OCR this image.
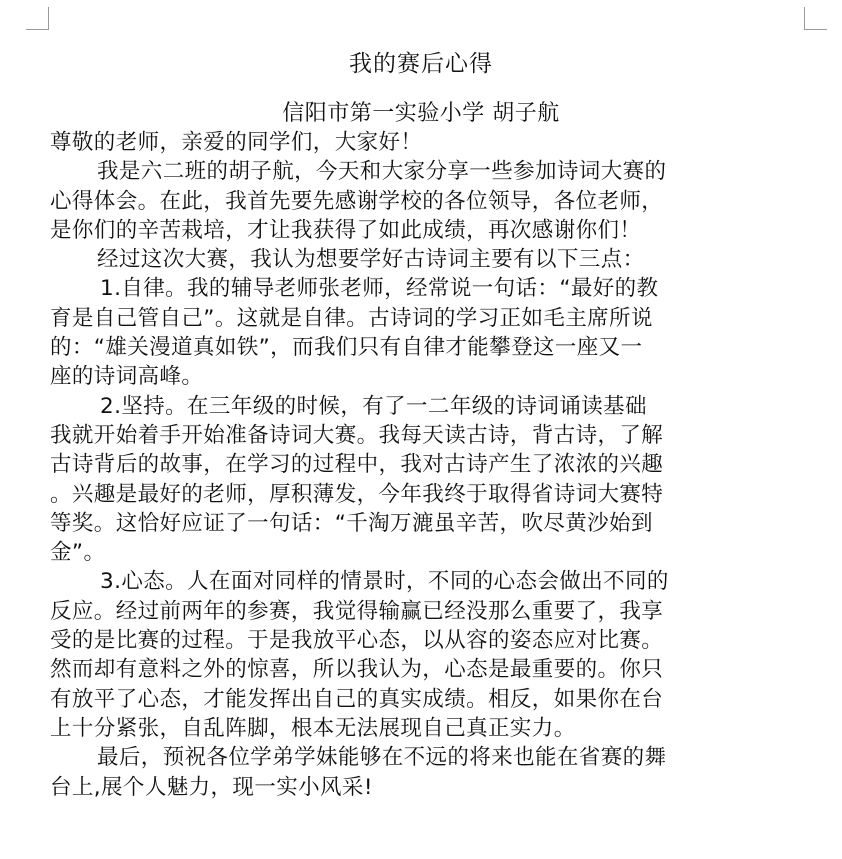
我的赛后心得
信阳市第一实验小学 胡子航
尊敬的老师，亲爱的同学们，大家好！
我是六二班的胡子航，今天和大家分享一些参加诗词大赛的
心得体会。在此，我首先要先感谢学校的各位领导，各位老师，
是你们的辛苦栽培，才让我获得了如此成绩，再次感谢你们！
经过这次大赛，我认为想要学好古诗词主要有以下三点：
1.自律。我的辅导老师张老师，经常说一句话：“最好的教
育是自己管自己”。这就是自律。古诗词的学习正如毛主席所说
的：“雄关漫道真如铁”，而我们只有自律才能攀登这一座又一
座的诗词高峰。
2.坚持。在三年级的时候，有了一二年级的诗词诵读基础
我就开始着手开始准备诗词大赛。我每天读古诗，背古诗，了解
古诗背后的故事，在学习的过程中，我对古诗产生了浓浓的兴趣
。兴趣是最好的老师，厚积薄发，今年我终于取得省诗词大赛特
等奖。这恰好应证了一句话：“千淘万漉虽辛苦，吹尽黄沙始到
金”。
3.心态。人在面对同样的情景时，不同的心态会做出不同的
反应。经过前两年的参赛，我觉得输赢已经没那么重要了，我享
受的是比赛的过程。于是我放平心态，以从容的姿态应对比赛。
然而却有意料之外的惊喜，所以我认为，心态是最重要的。你只
有放平了心态，才能发挥出自己的真实成绩。相反，如果你在台
上十分紧张，自乱阵脚，根本无法展现自己真正实力。
最后，预祝各位学弟学妹能够在不远的将来也能在省赛的舞
台上,展个人魅力，现一实小风采!
